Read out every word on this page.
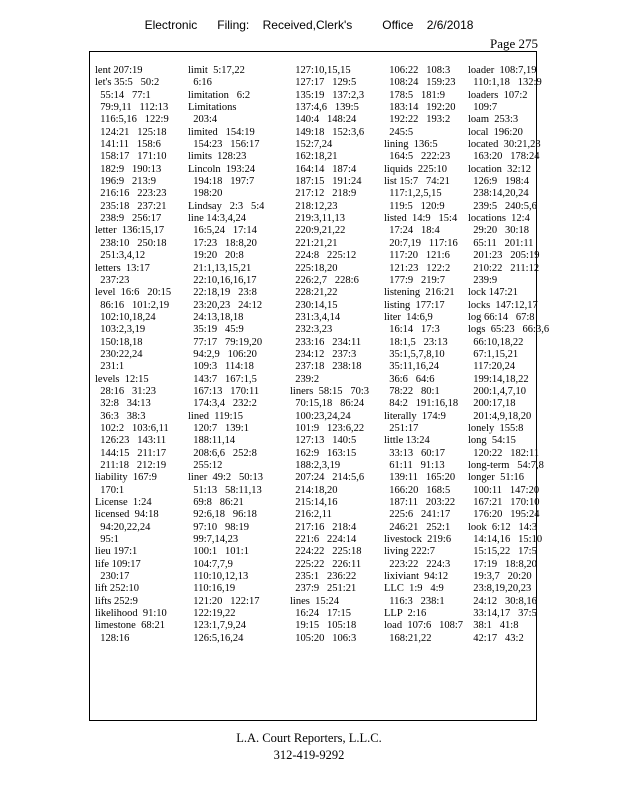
Electronic      Filing:    Received,Clerk's         Office    2/6/2018
Page 275
lent 207:19
let's 35:5   50:2
55:14   77:1
79:9,11   112:13
116:5,16   122:9
124:21   125:18
141:11   158:6
158:17   171:10
182:9   190:13
196:9   213:9
216:16   223:23
235:18   237:21
238:9   256:17
letter  136:15,17
238:10   250:18
251:3,4,12
letters  13:17
237:23
level  16:6   20:15
86:16   101:2,19
102:10,18,24
103:2,3,19
150:18,18
230:22,24
231:1
levels  12:15
28:16   31:23
32:8   34:13
36:3   38:3
102:2   103:6,11
126:23   143:11
144:15   211:17
211:18   212:19
liability  167:9
170:1
License  1:24
licensed  94:18
94:20,22,24
95:1
lieu 197:1
life 109:17
230:17
lift 252:10
lifts 252:9
likelihood  91:10
limestone  68:21
128:16
limit  5:17,22
6:16
limitation   6:2
Limitations
203:4
limited   154:19
154:23   156:17
limits  128:23
Lincoln  193:24
194:18   197:7
198:20
Lindsay   2:3   5:4
line 14:3,4,24
16:5,24   17:14
17:23   18:8,20
19:20   20:8
21:1,13,15,21
22:10,16,16,17
22:18,19   23:8
23:20,23   24:12
24:13,18,18
35:19   45:9
77:17   79:19,20
94:2,9   106:20
109:3   114:18
143:7   167:1,5
167:13   170:11
174:3,4   232:2
lined  119:15
120:7   139:1
188:11,14
208:6,6   252:8
255:12
liner  49:2   50:13
51:13   58:11,13
69:8   86:21
92:6,18   96:18
97:10   98:19
99:7,14,23
100:1   101:1
104:7,7,9
110:10,12,13
110:16,19
121:20   122:17
122:19,22
123:1,7,9,24
126:5,16,24
127:10,15,15
127:17   129:5
135:19   137:2,3
137:4,6   139:5
140:4   148:24
149:18   152:3,6
152:7,24
162:18,21
164:14   187:4
187:15   191:24
217:12   218:9
218:12,23
219:3,11,13
220:9,21,22
221:21,21
224:8   225:12
225:18,20
226:2,7   228:6
228:21,22
230:14,15
231:3,4,14
232:3,23
233:16   234:11
234:12   237:3
237:18   238:18
239:2
liners  58:15   70:3
70:15,18   86:24
100:23,24,24
101:9   123:6,22
127:13   140:5
162:9   163:15
188:2,3,19
207:24   214:5,6
214:18,20
215:14,16
216:2,11
217:16   218:4
221:6   224:14
224:22   225:18
225:22   226:11
235:1   236:22
237:9   251:21
lines  15:24
16:24   17:15
19:15   105:18
105:20   106:3
106:22   108:3
108:24   159:23
178:5   181:9
183:14   192:20
192:22   193:2
245:5
lining  136:5
164:5   222:23
liquids  225:10
list 15:7   74:21
117:1,2,5,15
119:5   120:9
listed  14:9   15:4
17:24   18:4
20:7,19   117:16
117:20   121:6
121:23   122:2
177:9   219:7
listening  216:21
listing  177:17
liter  14:6,9
16:14   17:3
18:1,5   23:13
35:1,5,7,8,10
35:11,16,24
36:6   64:6
78:22   80:1
84:2   191:16,18
literally  174:9
251:17
little 13:24
33:13   60:17
61:11   91:13
139:11   165:20
166:20   168:5
187:11   203:22
225:6   241:17
246:21   252:1
livestock  219:6
living 222:7
223:22   224:3
lixiviant  94:12
LLC  1:9   4:9
116:3   238:1
LLP  2:16
load  107:6   108:7
168:21,22
loader  108:7,19
110:1,18   132:9
loaders  107:2
109:7
loam  253:3
local  196:20
located  30:21,23
163:20   178:24
location  32:12
126:9   198:4
238:14,20,24
239:5   240:5,6
locations  12:4
29:20   30:18
65:11   201:11
201:23   205:19
210:22   211:12
239:9
lock 147:21
locks  147:12,17
log 66:14   67:8
logs  65:23   66:3,6
66:10,18,22
67:1,15,21
117:20,24
199:14,18,22
200:1,4,7,10
200:17,18
201:4,9,18,20
lonely  155:8
long  54:15
120:22   182:11
long-term   54:7,8
longer  51:16
100:11   147:20
167:21   170:10
176:20   195:24
look  6:12   14:3
14:14,16   15:10
15:15,22   17:5
17:19   18:8,20
19:3,7   20:20
23:8,19,20,23
24:12   30:8,16
33:14,17   37:5
38:1   41:8
42:17   43:2
L.A. Court Reporters, L.L.C.
312-419-9292
